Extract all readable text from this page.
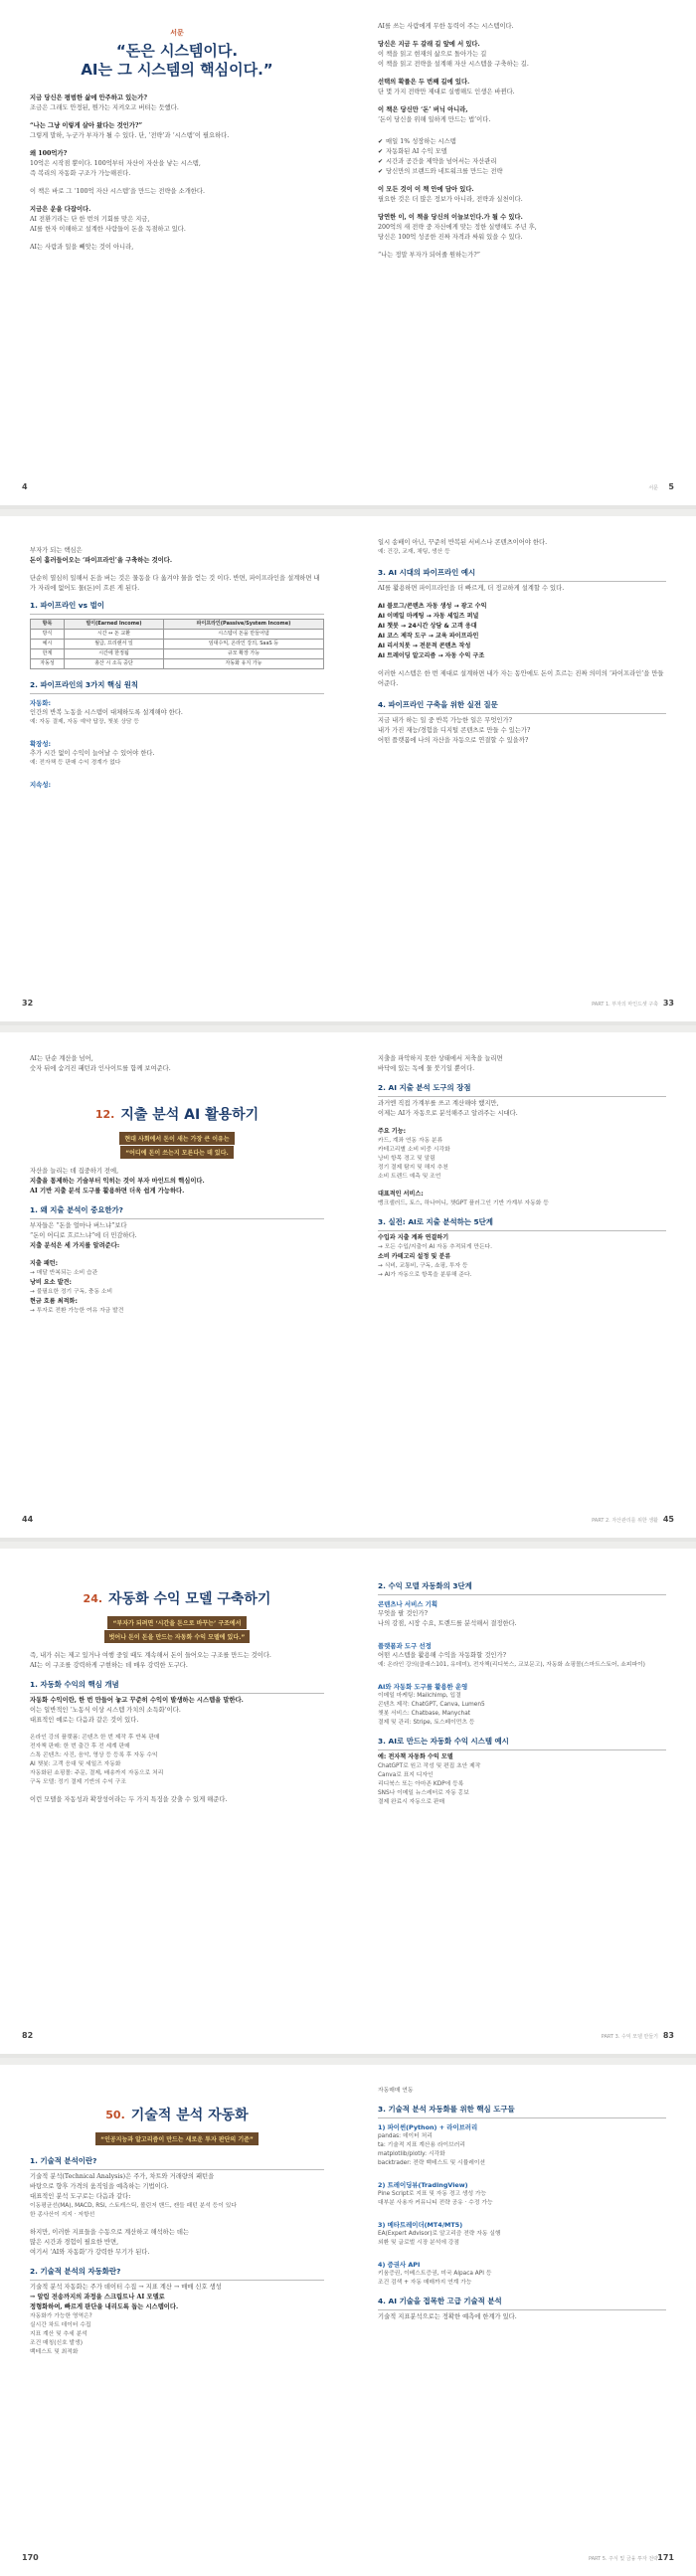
서문
“돈은 시스템이다.
AI는 그 시스템의 핵심이다.”
지금 당신은 평범한 삶에 안주하고 있는가?
조금은 그래도 안정된, 뭔가는 지켜오고 버텨는 듯했다.
“나는 그냥 이렇게 살아 왔다는 것인가?”
그렇게 말하, 누군가 부자가 될 수 있다. 단, ‘전략’과 ‘시스템’이 필요하다.
왜 100억가?
10억은 시작점 뿐이다. 100억부터 자산이 자산을 낳는 시스템,
즉 복리의 자동화 구조가 가능해진다.
이 책은 바로 그 ‘100억 자산 시스템’을 만드는 전략을 소개한다.
지금은 운을 다잡이다.
AI 전환기라는 단 한 번의 기회를 맞은 지금,
AI를 한자 이해하고 설계한 사람들이 돈을 독점하고 있다.
AI는 사람과 일을 빼앗는 것이 아니라,
4
AI를 쓰는 사람에게 무한 동력이 주는 시스템이다.
당신은 지금 두 갈래 길 앞에 서 있다.
이 책을 읽고 현재의 삶으로 돌아가는 길
이 책을 읽고 전략을 설계해 자산 시스템을 구축하는 길.
선택의 확률은 두 번째 길에 있다.
단 몇 가지 전략만 제대로 실행해도 인생은 바뀐다.
이 책은 당신만 ‘돈’ 버닉 아니라,
‘돈이 당신을 위해 일하게 만드는 법’이다.
✔ 매일 1% 성장하는 시스템
✔ 자동화된 AI 수익 모델
✔ 시간과 공간을 제약을 넘어서는 자산관리
✔ 당신만의 브랜드와 네트워크를 만드는 전략
이 모든 것이 이 책 안에 담아 있다.
필요한 것은 더 많은 정보가 아니라, 전략과 실천이다.
당연한 이, 이 책을 당신의 이늘보인다.가 될 수 있다.
200억의 새 전략 중 자산에게 맞는 정한 실행해도 주년 후,
당신은 100억 성공한 진짜 자격과 싸워 있을 수 있다.
“나는 정말 부자가 되어줄 원하는가?”
서문 5
부자가 되는 핵심은
돈이 흘러들어오는 ‘파이프라인’을 구축하는 것이다.
단순히 열심히 일해서 돈을 버는 것은 물동을 다 옮겨야 물을 얻는 것 이다. 반면, 파이프라인을 설계하면 내가 자리에 없어도 물(돈)이 흐른 게 된다.
1. 파이프라인 vs 벌이
항목	벌이(Earned Income)	파이프라인(Passive/System Income)
방식	시간 ↔ 돈 교환	시스템이 돈을 만들어냄
예시	월급, 프리랜서 일	임대수익, 온라인 강의, SaaS 등
한계	시간에 한정됨	규모 확장 가능
자동성	총산 시 소득 중단	자동화 유지 가능
2. 파이프라인의 3가지 핵심 원칙
자동화:
인간의 반복 노동을 시스템이 대체하도록 설계해야 한다.
예: 자동 결제, 자동 예약 답장, 챗봇 상담 등
확장성:
추가 시간 없이 수익이 늘어날 수 있어야 한다.
예: 전자책 등 판매 수익 경계가 없다
지속성:
32
일시 송배이 아닌, 꾸준히 반복된 서비스나 콘텐츠이어야 한다.
예: 건강, 교재, 채팅, 생산 등
3. AI 시대의 파이프라인 예시
AI를 활용하면 파이프라인을 더 빠르게, 더 정교하게 설계할 수 있다.
AI 블로그/콘텐츠 자동 생성 → 광고 수익
AI 이메일 마케팅 → 자동 세일즈 퍼널
AI 챗봇 → 24시간 상담 & 고객 응대
AI 코스 제작 도구 → 교육 파이프라인
AI 리서치봇 → 전문적 콘텐츠 작성
AI 트레이딩 알고리즘 → 자동 수익 구조
이러한 시스템은 한 번 제대로 설계하면 내가 자는 동안에도 돈이 흐르는 진짜 의미의 ‘파이프라인’을 만들어준다.
4. 파이프라인 구축을 위한 실전 질문
지금 내가 하는 일 중 반복 가능한 일은 무엇인가?
내가 가진 재능/경험을 디지털 콘텐츠로 만들 수 있는가?
어떤 플랫폼에 나의 자산을 자동으로 연결할 수 있을까?
PART 1. 부자의 마인드셋 구축 33
AI는 단순 계산을 넘어,
숫자 뒤에 숨겨진 패턴과 인사이트를 함께 보여준다.
12. 지출 분석 AI 활용하기
현대 사회에서 돈이 새는 가장 큰 이유는
“어디에 돈이 쓰는지 모른다는 데 있다.
자산을 늘리는 데 집중하기 전에,
지출을 통제하는 기술부터 익히는 것이 부자 마인드의 핵심이다.
AI 기반 지출 분석 도구를 활용하면 더욱 쉽게 가능하다.
1. 왜 지출 분석이 중요한가?
부자들은 “돈을 얼마나 버느냐”보다
“돈이 어디로 흐르느냐”에 더 민감하다.
지출 분석은 세 가지를 알려준다:
지출 패턴:
→ 매달 반복되는 소비 습관
낭비 요소 발견:
→ 불필요한 정기 구독, 충동 소비
현금 흐름 최적화:
→ 투자로 전환 가능한 여유 자금 발견
44
지출을 파악하지 못한 상태에서 저축을 늘리면
바닥에 있는 독에 물 붓기일 뿐이다.
2. AI 지출 분석 도구의 장점
과거엔 직접 가계부를 쓰고 계산해야 했지만,
이제는 AI가 자동으로 분석해주고 알려주는 시대다.
주요 기능:
카드, 계좌 연동 자동 분류
카테고리별 소비 비중 시각화
낭비 항목 경고 및 알림
정기 결제 탐지 및 해지 추천
소비 트렌드 예측 및 조언
대표적인 서비스:
뱅크샐러드, 토스, 하나머니, 챗GPT 플러그인 기반 가계부 자동화 등
3. 실전: AI로 지출 분석하는 5단계
수입과 지출 계좌 연결하기
→ 모든 수입/지출이 AI 자동 추적되게 만든다.
소비 카테고리 설정 및 분류
→ 식비, 교통비, 구독, 쇼핑, 투자 등
→ AI가 자동으로 항목을 분류해 준다.
PART 2. 자산관리를 위한 생활 45
24. 자동화 수익 모델 구축하기
“부자가 되려면 ‘시간을 돈으로 바꾸는’ 구조에서
벗어나 돈이 돈을 만드는 자동화 수익 모델에 있다.”
즉, 내가 쉬는 제고 있거나 여행 중일 때도 계속해서 돈이 들어오는 구조를 만드는 것이다.
AI는 이 구조를 강력하게 구현하는 데 매우 강력한 도구다.
1. 자동화 수익의 핵심 개념
자동화 수익이란, 한 번 만들어 놓고 꾸준히 수익이 발생하는 시스템을 말한다.
이는 일반적인 ‘노동식 이상 시스템 가치의 소득화’이다.
대표적인 예로는 다음과 같은 것이 있다.
온라인 강의 플랫폼: 콘텐츠 한 번 제작 후 반복 판매
전자책 판매: 한 번 출간 후 전 세계 판매
스톡 콘텐츠: 사진, 음악, 영상 등 등록 후 자동 수익
AI 챗봇: 고객 응대 및 세일즈 자동화
자동화된 쇼핑몰: 주문, 결제, 배송까지 자동으로 처리
구독 모델: 정기 결제 기반의 수익 구조
이런 모델을 자동성과 확장성이라는 두 가지 특징을 갖출 수 있게 해준다.
82
2. 수익 모델 자동화의 3단계
콘텐츠나 서비스 기획
무엇을 팔 것인가?
나의 강점, 시장 수요, 트렌드를 분석해서 결정한다.
플랫폼과 도구 선정
어떤 시스템을 활용해 수익을 자동화할 것인가?
예: 온라인 강의(클래스101, 유데미), 전자책(리디북스, 교보문고), 자동화 쇼핑몰(스마트스토어, 쇼피파이)
AI와 자동화 도구를 활용한 운영
이메일 마케팅: Mailchimp, 입결
콘텐츠 제작: ChatGPT, Canva, Lumen5
챗봇 서비스: Chatbase, Manychat
결제 및 관리: Stripe, 토스페이먼츠 등
3. AI로 만드는 자동화 수익 시스템 예시
예: 전자책 자동화 수익 모델
ChatGPT로 원고 작성 및 편집 초안 제작
Canva로 표지 디자인
리디북스 또는 아마존 KDP에 등록
SNS나 이메일 뉴스레터로 자동 홍보
결제 완료시 자동으로 판매
PART 3. 수익 모델 만들기 83
50. 기술적 분석 자동화
“인공지능과 알고리즘이 만드는 새로운 투자 판단의 기준”
1. 기술적 분석이란?
기술적 분석(Technical Analysis)은 주가, 차트와 거래량의 패턴을
바탕으로 향후 가격의 움직임을 예측하는 기법이다.
대표적인 분석 도구로는 다음과 같다:
이동평균선(MA), MACD, RSI, 스토캐스틱, 볼린저 밴드, 캔들 패턴 분석 등이 있다
한 종사산이 지지 · 저항선
하지만, 이러한 지표들을 수동으로 계산하고 해석하는 데는
많은 시간과 경험이 필요한 반면,
여기서 ‘AI와 자동화’가 강력한 무기가 된다.
2. 기술적 분석의 자동화란?
기술적 분석 자동화는 주가 데이터 수집 → 지표 계산 → 매매 신호 생성
→ 알림 전송까지의 과정을 스크립트나 AI 모델로
정형화하여, 빠르게 판단을 내리도록 돕는 시스템이다.
자동화가 가능한 영역은?
실시간 차트 데이터 수집
지표 계산 및 추세 분석
조건 매칭(신호 발생)
백테스트 및 최적화
170
자동매매 연동
3. 기술적 분석 자동화를 위한 핵심 도구들
1) 파이썬(Python) + 라이브러리
pandas: 데이터 처리
ta: 기술적 지표 계산용 라이브러리
matplotlib/plotly: 시각화
backtrader: 전략 백테스트 및 시뮬레이션
2) 트레이딩뷰(TradingView)
Pine Script로 지표 및 자동 경고 생성 가능
대부분 사용자 커뮤니티 전략 공유 · 수정 가능
3) 메타트레이더(MT4/MT5)
EA(Expert Advisor)로 알고리즘 전략 자동 실행
외환 및 글로벌 시장 분석에 강점
4) 증권사 API
키움증권, 이베스트증권, 미국 Alpaca API 등
조건 검색 + 자동 매매까지 연계 가능
4. AI 기술을 접목한 고급 기술적 분석
기술적 지표분석으로는 정확한 예측에 한계가 있다.
PART 5. 주식 및 금융 투자 전략 171
